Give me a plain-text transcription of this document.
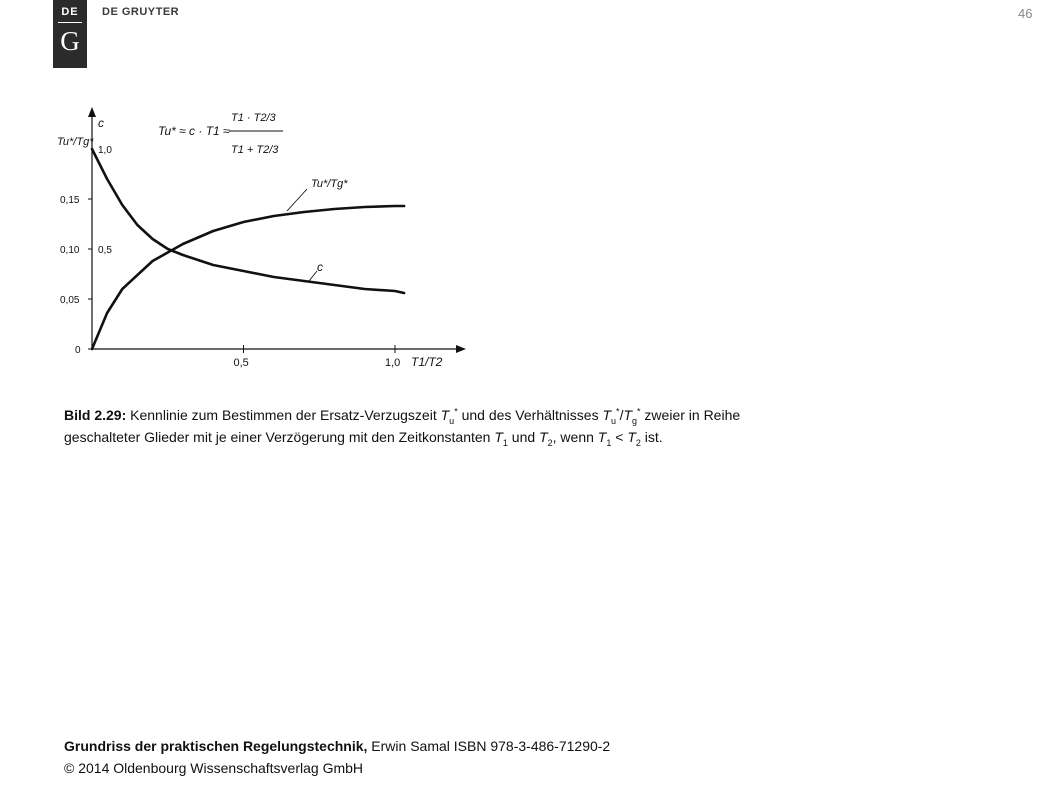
DE
G
DE GRUYTER	46
Tu* ≈ c · T1 ≈
T1 · T2/3
T1 + T2/3
0,5	1,0
0
0,05
0,10
0,15
0,5
1,0
c
Tu*/Tg*
T1/T2
Tu*/Tg*
c
Bild 2.29: Kennlinie zum Bestimmen der Ersatz-Verzugszeit $T_u^*$ und des Verhältnisses $T_u^*/T_g^*$ zweier in Reihe
geschalteter Glieder mit je einer Verzögerung mit den Zeitkonstanten $T_1$ und $T_2$, wenn $T_1 < T_2$ ist.
Grundriss der praktischen Regelungstechnik, Erwin Samal ISBN 978-3-486-71290-2
© 2014 Oldenbourg Wissenschaftsverlag GmbH
